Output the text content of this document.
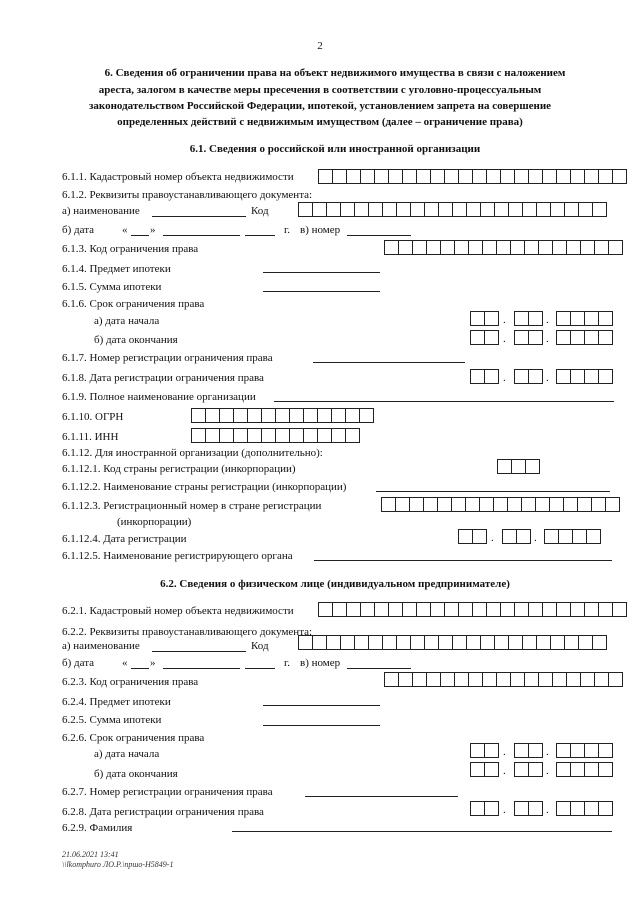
2
6. Сведения об ограничении права на объект недвижимого имущества в связи с наложением
ареста, залогом в качестве меры пресечения в соответствии с уголовно-процессуальным
законодательством Российской Федерации, ипотекой, установлением запрета на совершение
определенных действий с недвижимым имуществом (далее – ограничение права)
6.1. Сведения о российской или иностранной организации
6.1.1. Кадастровый номер объекта недвижимости
6.1.2. Реквизиты правоустанавливающего документа:
а) наименование	Код
б) дата	« »	г. в) номер
6.1.3. Код ограничения права
6.1.4. Предмет ипотеки
6.1.5. Сумма ипотеки
6.1.6. Срок ограничения права
а) дата начала	.	.
б) дата окончания	.	.
6.1.7. Номер регистрации ограничения права
6.1.8. Дата регистрации ограничения права	.	.
6.1.9. Полное наименование организации
6.1.10. ОГРН
6.1.11. ИНН
6.1.12. Для иностранной организации (дополнительно):
6.1.12.1. Код страны регистрации (инкорпорации)
6.1.12.2. Наименование страны регистрации (инкорпорации)
6.1.12.3. Регистрационный номер в стране регистрации
(инкорпорации)
6.1.12.4. Дата регистрации	.	.
6.1.12.5. Наименование регистрирующего органа
6.2. Сведения о физическом лице (индивидуальном предпринимателе)
6.2.1. Кадастровый номер объекта недвижимости
6.2.2. Реквизиты правоустанавливающего документа:
а) наименование	Код
б) дата	« »	г. в) номер
6.2.3. Код ограничения права
6.2.4. Предмет ипотеки
6.2.5. Сумма ипотеки
6.2.6. Срок ограничения права
а) дата начала	.	.
б) дата окончания	.	.
6.2.7. Номер регистрации ограничения права
6.2.8. Дата регистрации ограничения права	.	.
6.2.9. Фамилия
21.06.2021 13:41
\\lkomphuro ЛО.Р.\пршо-Н5849-1
